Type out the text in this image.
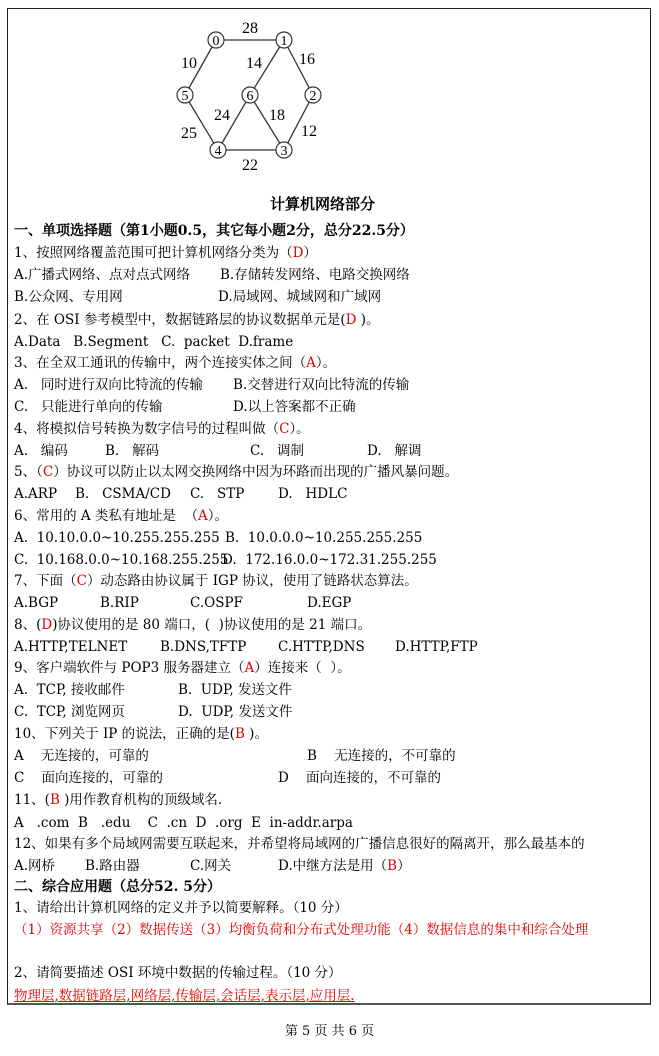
28
10	14 16
24 18
25	12
22
0	1
2
3
4
5	6
计算机网络部分
一、单项选择题（第1小题0.5，其它每小题2分，总分22.5分）
1、按照网络覆盖范围可把计算机网络分类为（D）
A.广播式网络、点对点式网络 B.存储转发网络、电路交换网络
B.公众网、专用网	D.局域网、城域网和广域网
2、在 OSI 参考模型中，数据链路层的协议数据单元是(D )。
A.Data   B.Segment   C.  packet  D.frame
3、在全双工通讯的传输中，两个连接实体之间（A）。
A.   同时进行双向比特流的传输 B.交替进行双向比特流的传输
C.   只能进行单向的传输	D.以上答案都不正确
4、将模拟信号转换为数字信号的过程叫做（C）。
A.   编码	B.   解码	C.   调制	D.   解调
5、（C）协议可以防止以太网交换网络中因为环路而出现的广播风暴问题。
A.ARP B.   CSMA/CD C.   STP D.   HDLC
6、常用的 A 类私有地址是  （A）。
A.  10.10.0.0~10.255.255.255 B.  10.0.0.0~10.255.255.255
C.  10.168.0.0~10.168.255.255
D.  172.16.0.0~172.31.255.255
7、下面（C）动态路由协议属于 IGP 协议，使用了链路状态算法。
A.BGP	B.RIP	C.OSPF	D.EGP
8、(D)协议使用的是 80 端口，(  )协议使用的是 21 端口。
A.HTTP,TELNET B.DNS,TFTP C.HTTP,DNS D.HTTP,FTP
9、客户端软件与 POP3 服务器建立（A）连接来（  ）。
A.  TCP, 接收邮件	B.  UDP, 发送文件
C.  TCP, 浏览网页	D.  UDP, 发送文件
10、下列关于 IP 的说法，正确的是(B )。
A    无连接的，可靠的	B    无连接的，不可靠的
C    面向连接的，可靠的	D    面向连接的，不可靠的
11、(B )用作教育机构的顶级域名.
A   .com  B   .edu    C  .cn  D  .org  E  in-addr.arpa
12、如果有多个局域网需要互联起来，并希望将局域网的广播信息很好的隔离开，那么最基本的
A.网桥 B.路由器	C.网关	D.中继方法是用（B）
二、综合应用题（总分52. 5分）
1、请给出计算机网络的定义并予以简要解释。（10 分）
（1）资源共享（2）数据传送（3）均衡负荷和分布式处理功能（4）数据信息的集中和综合处理
2、请简要描述 OSI 环境中数据的传输过程。（10 分）
物理层,数据链路层,网络层,传输层,会话层,表示层,应用层.
第 5 页 共 6 页
